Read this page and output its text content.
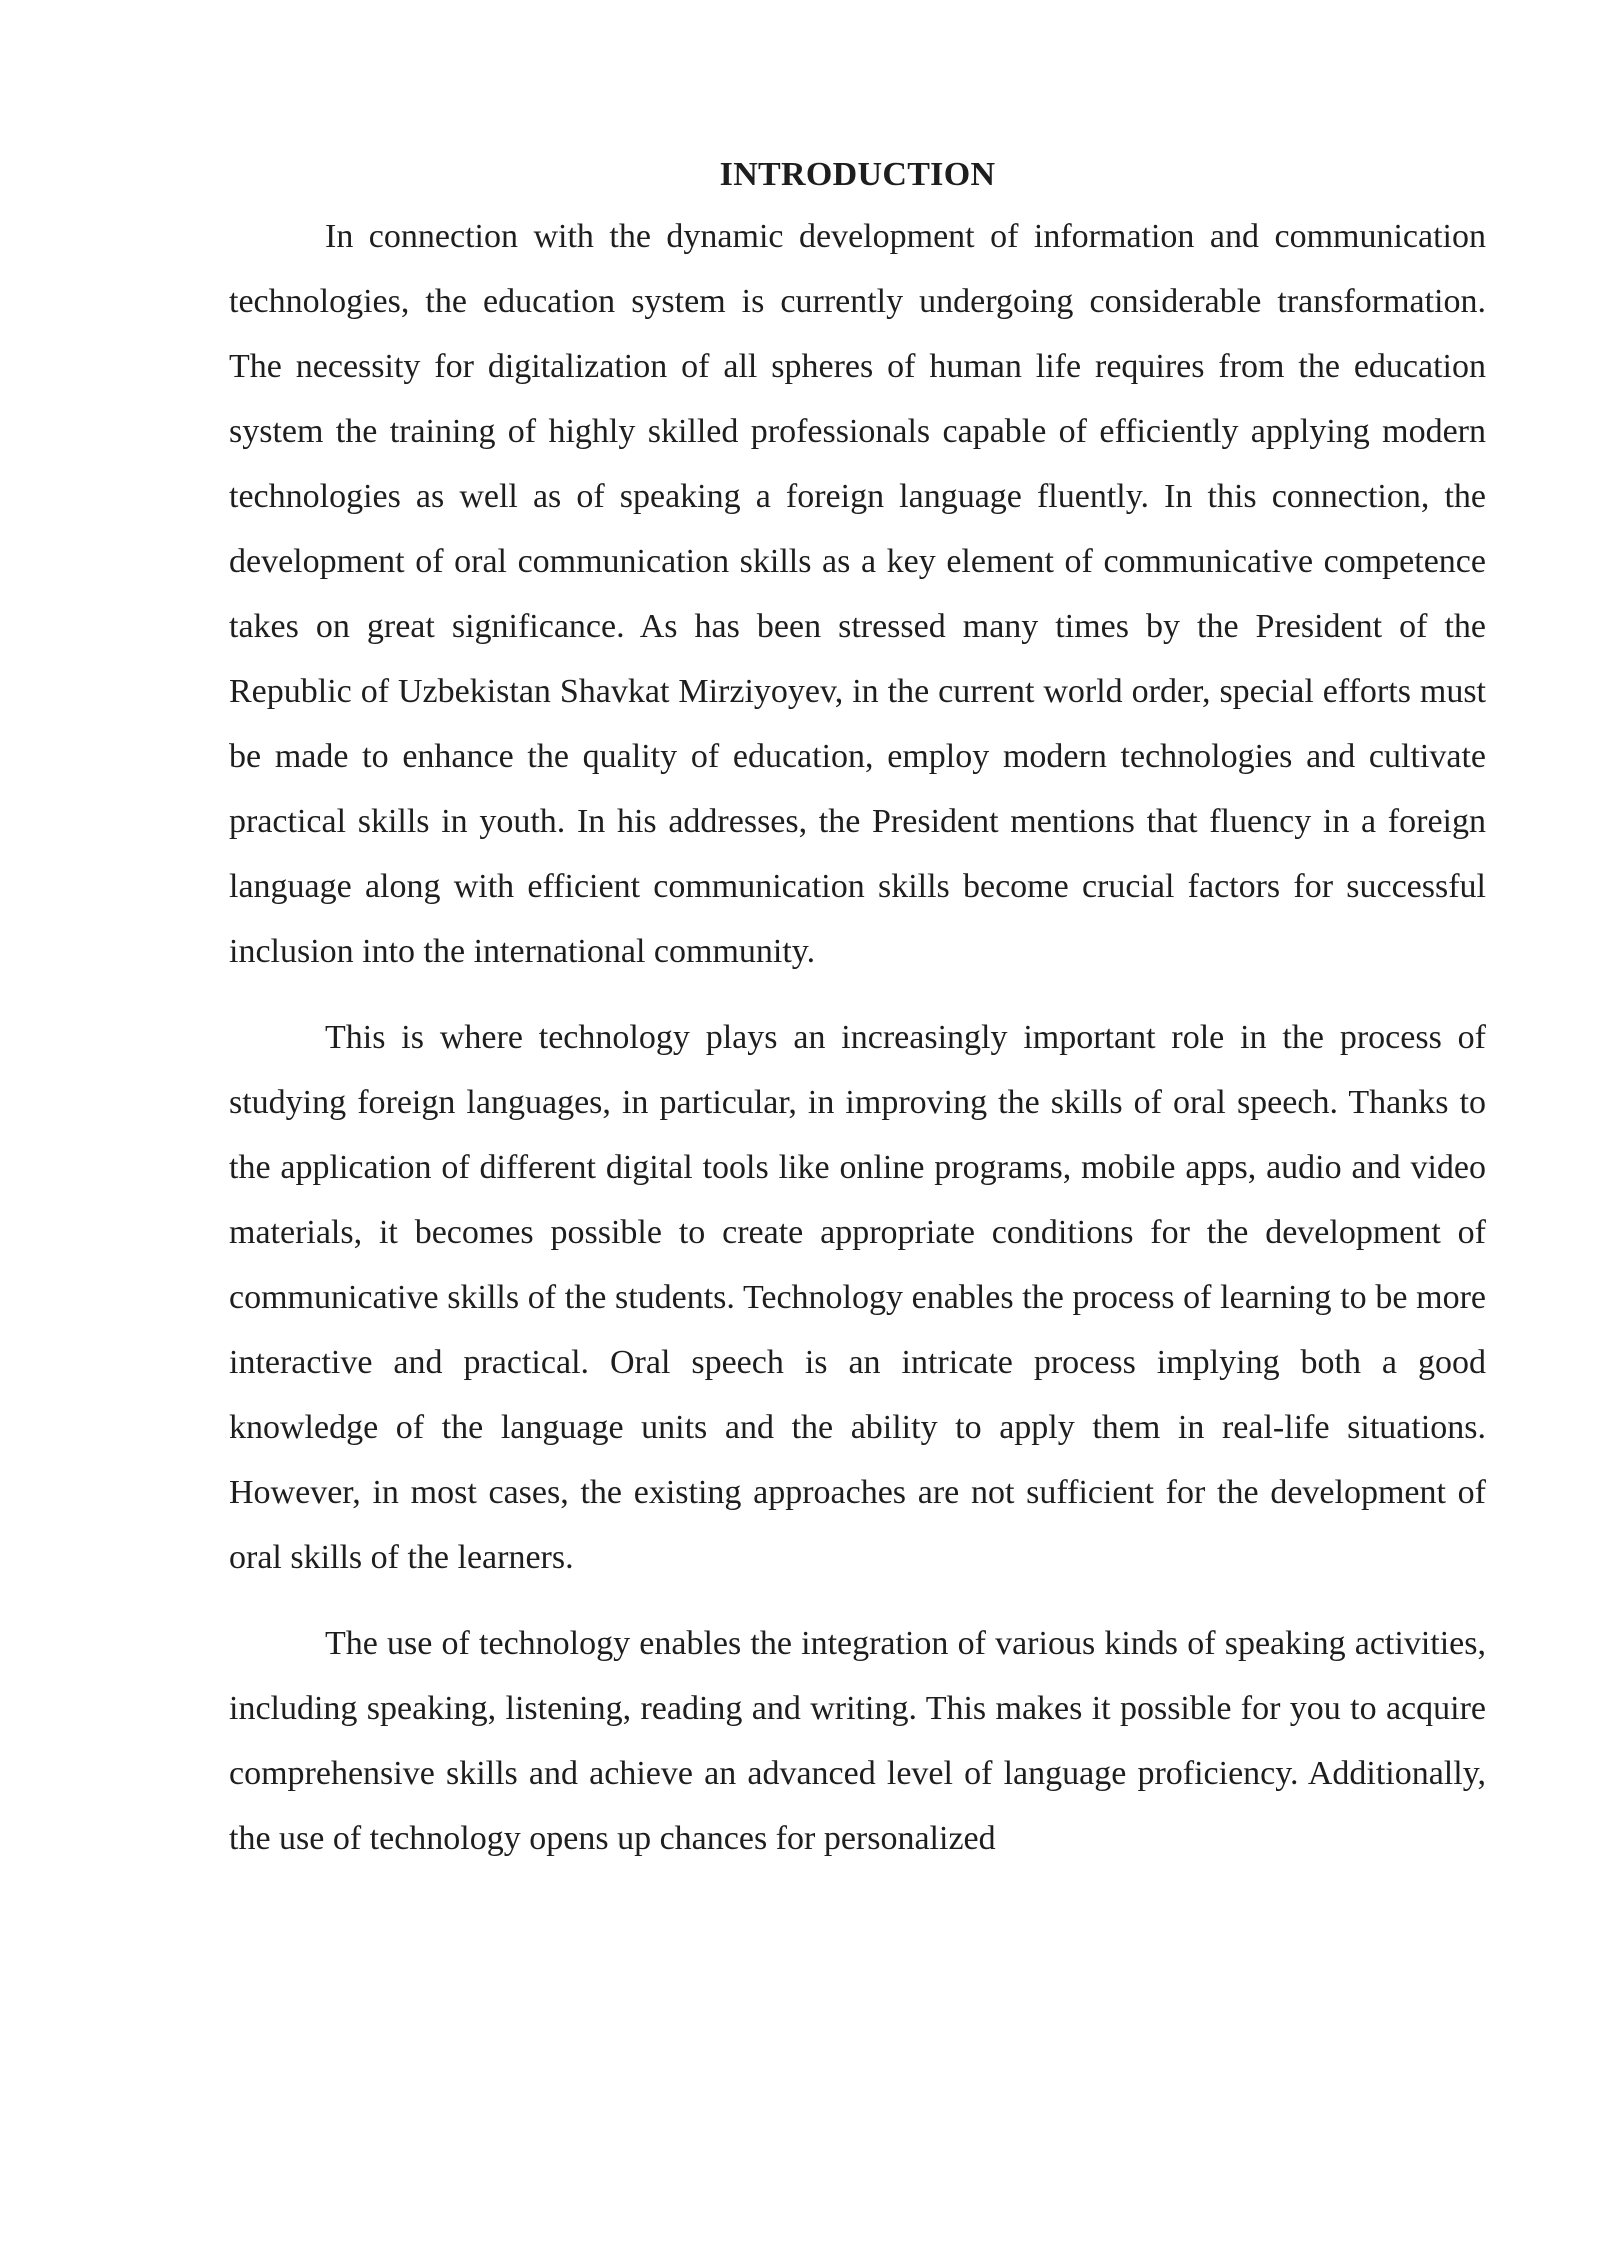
INTRODUCTION

In connection with the dynamic development of information and communication technologies, the education system is currently undergoing considerable transformation. The necessity for digitalization of all spheres of human life requires from the education system the training of highly skilled professionals capable of efficiently applying modern technologies as well as of speaking a foreign language fluently. In this connection, the development of oral communication skills as a key element of communicative competence takes on great significance. As has been stressed many times by the President of the Republic of Uzbekistan Shavkat Mirziyoyev, in the current world order, special efforts must be made to enhance the quality of education, employ modern technologies and cultivate practical skills in youth. In his addresses, the President mentions that fluency in a foreign language along with efficient communication skills become crucial factors for successful inclusion into the international community.

This is where technology plays an increasingly important role in the process of studying foreign languages, in particular, in improving the skills of oral speech. Thanks to the application of different digital tools like online programs, mobile apps, audio and video materials, it becomes possible to create appropriate conditions for the development of communicative skills of the students. Technology enables the process of learning to be more interactive and practical. Oral speech is an intricate process implying both a good knowledge of the language units and the ability to apply them in real-life situations. However, in most cases, the existing approaches are not sufficient for the development of oral skills of the learners.

The use of technology enables the integration of various kinds of speaking activities, including speaking, listening, reading and writing. This makes it possible for you to acquire comprehensive skills and achieve an advanced level of language proficiency. Additionally, the use of technology opens up chances for personalized
